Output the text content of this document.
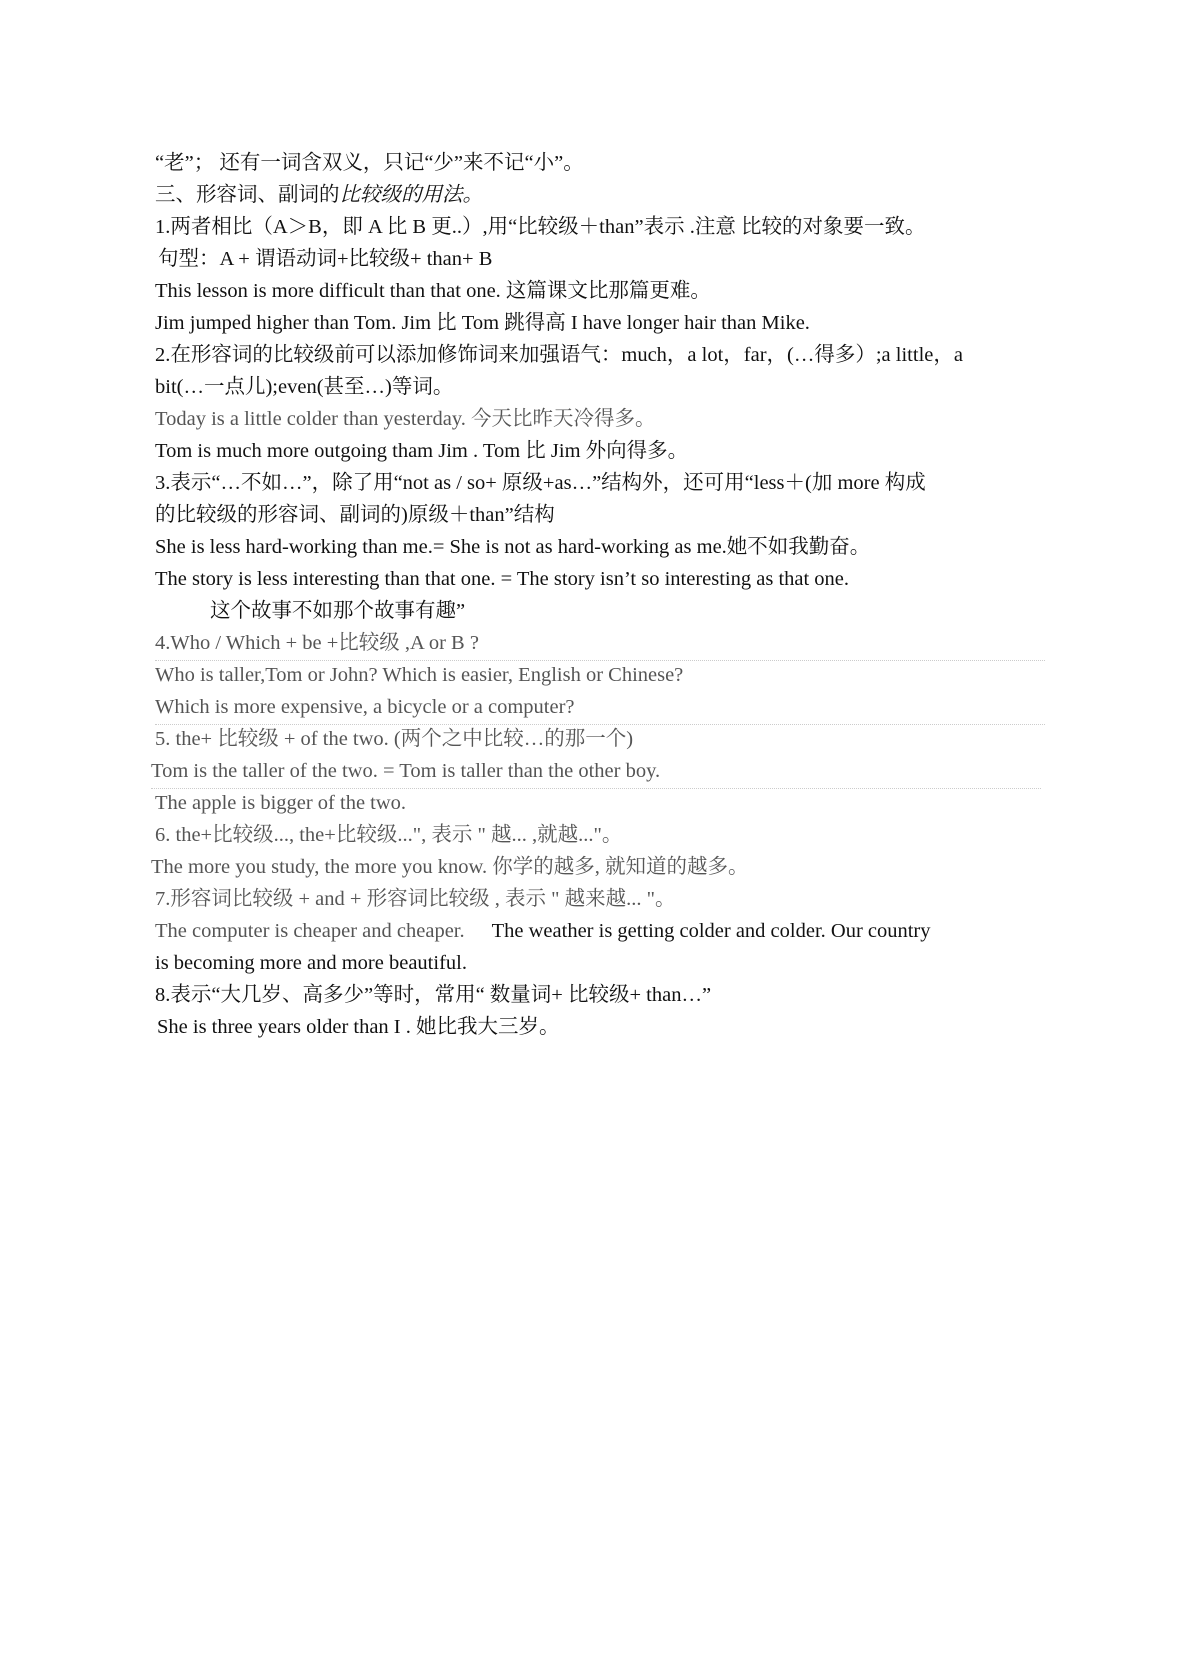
“老”； 还有一词含双义，只记“少”来不记“小”。
三、形容词、副词的比较级的用法。
1.两者相比（A＞B，即 A 比 B 更..）,用“比较级＋than”表示 .注意 比较的对象要一致。
句型：A + 谓语动词+比较级+ than+ B
This lesson is more difficult than that one. 这篇课文比那篇更难。
Jim jumped higher than Tom. Jim 比 Tom 跳得高 I have longer hair than Mike.
2.在形容词的比较级前可以添加修饰词来加强语气：much，a lot，far，(…得多）;a little，a
bit(…一点儿);even(甚至…)等词。
Today is a little colder than yesterday. 今天比昨天冷得多。
Tom is much more outgoing tham Jim . Tom 比 Jim 外向得多。
3.表示“…不如…”，除了用“not as / so+ 原级+as…”结构外，还可用“less＋(加 more 构成
的比较级的形容词、副词的)原级＋than”结构
She is less hard-working than me.= She is not as hard-working as me.她不如我勤奋。
The story is less interesting than that one. = The story isn’t so interesting as that one.
这个故事不如那个故事有趣”
4.Who / Which + be +比较级 ,A or B ?
Who is taller,Tom or John? Which is easier, English or Chinese?
Which is more expensive, a bicycle or a computer?
5. the+ 比较级 + of the two. (两个之中比较…的那一个)
Tom is the taller of the two. = Tom is taller than the other boy.
The apple is bigger of the two.
6. the+比较级..., the+比较级...", 表示 " 越... ,就越..."。
The more you study, the more you know. 你学的越多, 就知道的越多。
7.形容词比较级 + and + 形容词比较级 , 表示 " 越来越... "。
The computer is cheaper and cheaper. The weather is getting colder and colder. Our country
is becoming more and more beautiful.
8.表示“大几岁、高多少”等时，常用“ 数量词+ 比较级+ than…”
She is three years older than I . 她比我大三岁。
